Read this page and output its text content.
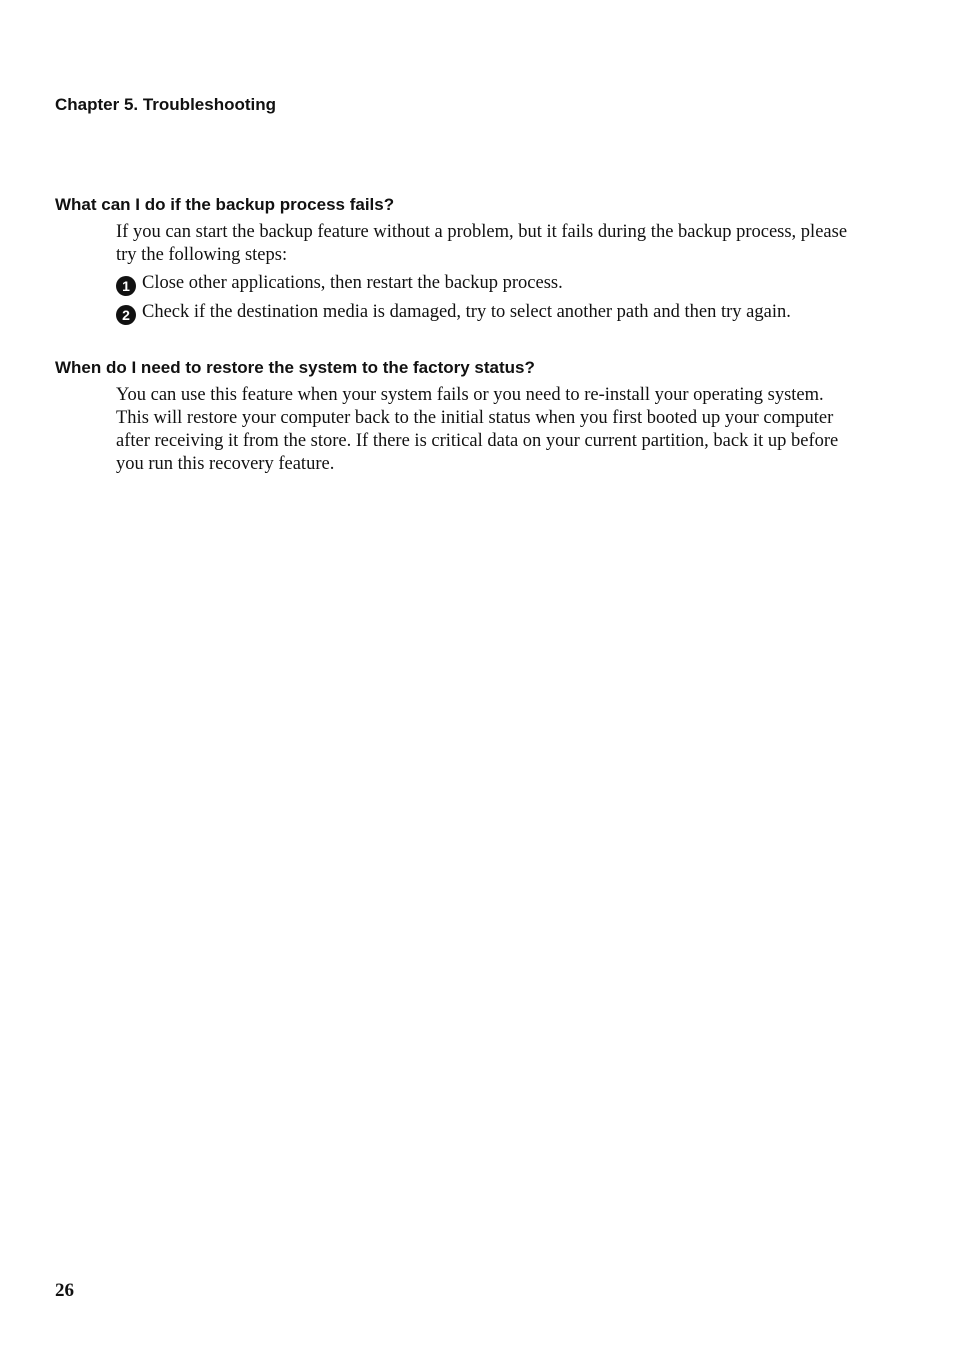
Chapter 5. Troubleshooting
What can I do if the backup process fails?
If you can start the backup feature without a problem, but it fails during the backup process, please try the following steps:
1 Close other applications, then restart the backup process.
2 Check if the destination media is damaged, try to select another path and then try again.
When do I need to restore the system to the factory status?
You can use this feature when your system fails or you need to re-install your operating system. This will restore your computer back to the initial status when you first booted up your computer after receiving it from the store. If there is critical data on your current partition, back it up before you run this recovery feature.
26
